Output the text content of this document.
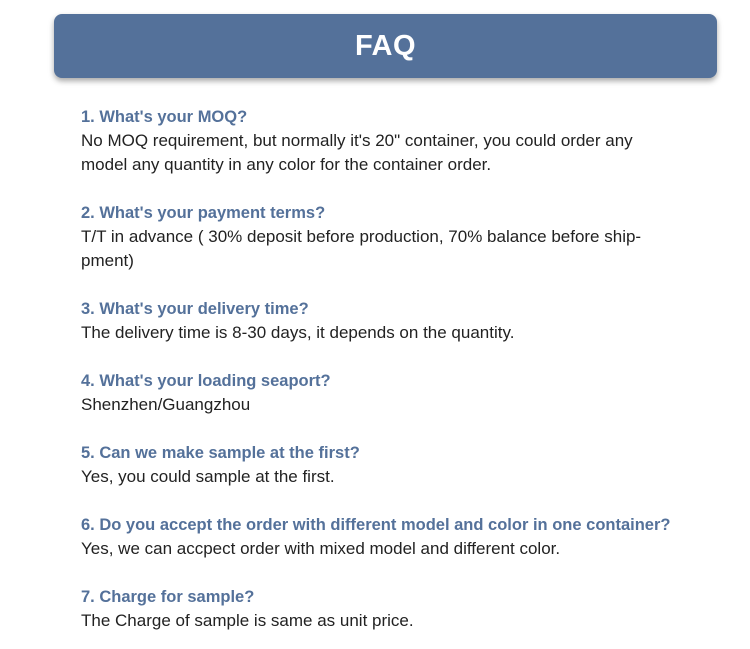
FAQ
1. What's your MOQ?
No MOQ requirement, but normally it's 20" container, you could order any
model any quantity in any color for the container order.
2. What's your payment terms?
T/T in advance ( 30% deposit before production, 70% balance before ship-
pment)
3. What's your delivery time?
The delivery time is 8-30 days, it depends on the quantity.
4. What's your loading seaport?
Shenzhen/Guangzhou
5. Can we make sample at the first?
Yes, you could sample at the first.
6. Do you accept the order with different model and color in one container?
Yes, we can accpect order with mixed model and different color.
7. Charge for sample?
The Charge of sample is same as unit price.
